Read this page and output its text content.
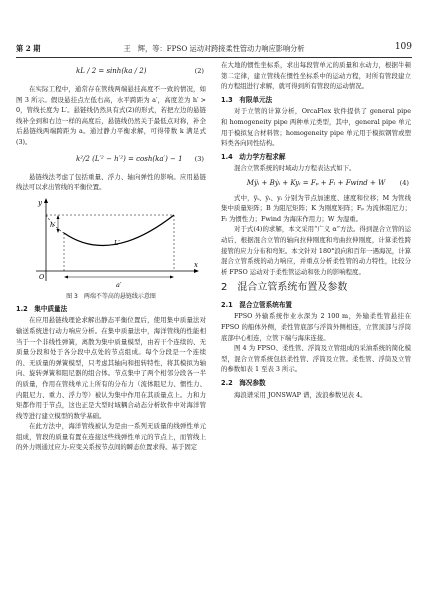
第 2 期	王　辉，等：FPSO 运动对跨接柔性管动力响应影响分析	109
kL / 2 = sinh(ka / 2)	(2)

在实际工程中，通常存在管线两端悬挂高度不一致的情况，如图 3 所示。假设悬挂点左低右高，水平跨距为 a′，高度差为 h′ > 0，管线长度为 L′。悬链线仍然具有式(2)的形式，若把左边的悬链线补全到和右边一样的高度后，悬链线仍然关于最低点对称，补全后悬链线两端跨距为 a。通过静力平衡求解，可得带数 k 满足式(3)。

k²/2 (L′² − h′²) = cosh(ka′) − 1 (3)

悬链线法考虑了包括重量、浮力、轴向弹性的影响。应用悬链线法可以求出管线的平衡位置。

y
x
h′
L′
a′
O
图 3　两端不等高的悬链线示意图
1.2　集中质量法

在应用悬链线理论求解出静态平衡位置后，使用集中质量法对输送系统进行动力响应分析。在集中质量法中，海洋管线的性能相当于一个非线性弹簧，离散为集中质量模型，由若干个连续的、无质量分段和处于各分段中点处的节点组成。每个分段是一个连续的、无质量的弹簧模型，只考虑其轴向和扭转特性，将其模拟为轴向、旋转弹簧和阻尼器的组合体。节点集中了两个相邻分段各一半的质量，作用在管线单元上所有的分布力（流体阻尼力、惯性力、内阻尼力、重力、浮力等）被认为集中作用在其质量点上。力和力矩都作用于节点，这也正是大型时域耦合动态分析软件中对海洋管线等进行建立模型的数学基础。

在此方法中，海洋管线被认为是由一系列无质量的线弹性单元组成，管段的质量有置在连接这些线弹性单元的节点上，而管线上的外力则通过应力-应变关系按节点间的瞬态位置求得。基于固定

在大地的惯性坐标系，求出每段管单元的质量和水动力，根据牛顿第二定律，建立管线在惯性坐标系中的运动方程，对所有管段建立的方程组进行求解，就可得到所有管段的运动情况。

1.3　有限单元法

对于立管的计算分析，OrcaFlex 软件提供了 general pipe 和 homogeneity pipe 两种单元类型，其中，general pipe 单元用于模拟复合材料管；homogeneity pipe 单元用于模拟钢管或塑料类各向同性结构。

1.4　动力学方程求解

混合立管系统的时域动力方程表达式如下。

Mÿᵢ + Bẏᵢ + Kyᵢ = Fₚ + Fₗ + Fwind + W (4)

式中，ÿᵢ、ẏᵢ、yᵢ 分别为节点加速度、速度和位移；M 为管线集中质量矩阵；B 为阻尼矩阵；K 为刚度矩阵；Fₚ 为流体阻尼力；Fₗ 为惯性力；Fwind 为海床作用力；W 为湿重。

对于式(4)的求解，本文采用“广义 α”方法。得到混合立管的运动后，根据混合立管的轴向拉伸刚度和弯曲拉伸刚度，计算柔性跨接管的应力分布和弯矩。本文针对 180°浪向和百年一遇海况，计算混合立管系统的动力响应，并重点分析柔性管的动力特性，比较分析 FPSO 运动对于柔性管运动和张力的影响程度。

2　混合立管系统布置及参数
2.1　混合立管系统布置

FPSO 外输系统作业水深为 2 100 m，外输柔性管悬挂在 FPSO 的船体外侧，柔性管底部与浮筒外侧相连，立管顶部与浮筒底部中心相连，立管下端与海床连接。

图 4 为 FPSO、柔性管、浮筒及立管组成的采油系统的简化模型，混合立管系统包括柔性管、浮筒及立管。柔性管、浮筒及立管的参数如表 1 至表 3 所示。

2.2　海况参数

海浪谱采用 JONSWAP 谱，波浪参数见表 4。
